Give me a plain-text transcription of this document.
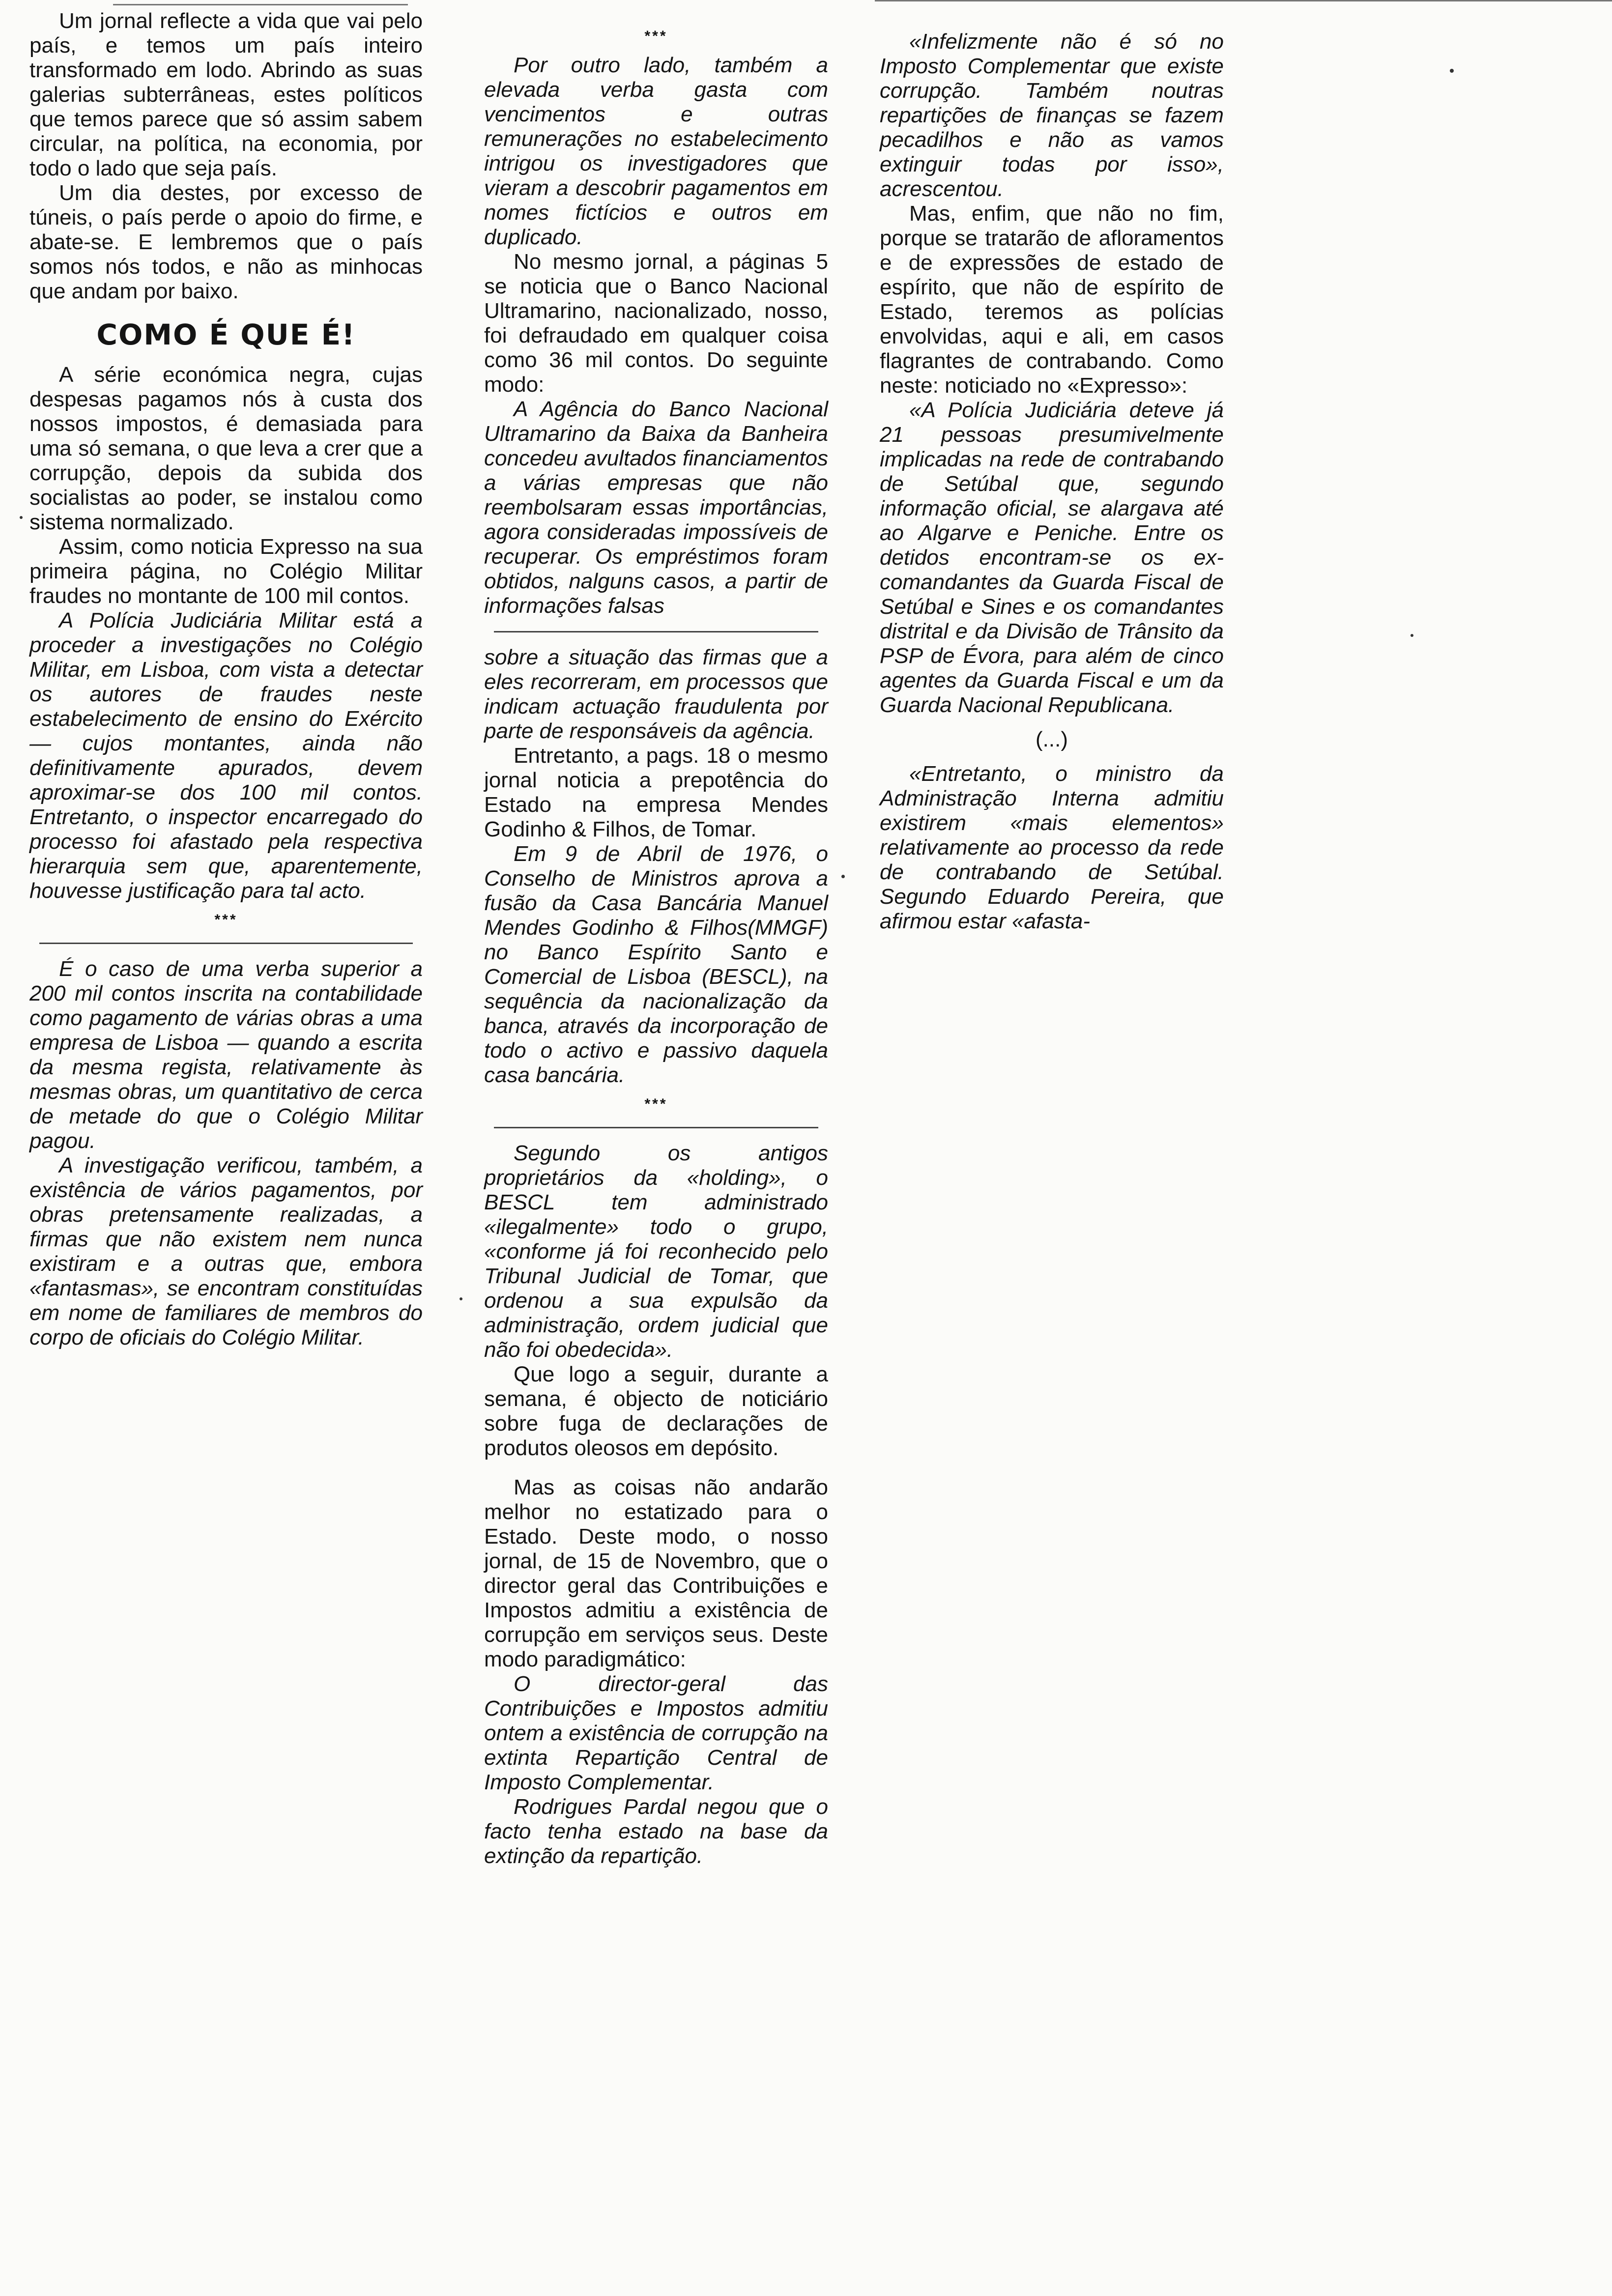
Um jornal reflecte a vida que vai pelo país, e temos um país inteiro transformado em lodo. Abrindo as suas galerias subterrâneas, estes políticos que temos parece que só assim sabem circular, na política, na economia, por todo o lado que seja país.

Um dia destes, por excesso de túneis, o país perde o apoio do firme, e abate-se. E lembremos que o país somos nós todos, e não as minhocas que andam por baixo.

COMO É QUE É!

A série económica negra, cujas despesas pagamos nós à custa dos nossos impostos, é demasiada para uma só semana, o que leva a crer que a corrupção, depois da subida dos socialistas ao poder, se instalou como sistema normalizado.

Assim, como noticia Expresso na sua primeira página, no Colégio Militar fraudes no montante de 100 mil contos.

A Polícia Judiciária Militar está a proceder a investigações no Colégio Militar, em Lisboa, com vista a detectar os autores de fraudes neste estabelecimento de ensino do Exército — cujos montantes, ainda não definitivamente apurados, devem aproximar-se dos 100 mil contos. Entretanto, o inspector encarregado do processo foi afastado pela respectiva hierarquia sem que, aparentemente, houvesse justificação para tal acto.

***

É o caso de uma verba superior a 200 mil contos inscrita na contabilidade como pagamento de várias obras a uma empresa de Lisboa — quando a escrita da mesma regista, relativamente às mesmas obras, um quantitativo de cerca de metade do que o Colégio Militar pagou.

A investigação verificou, também, a existência de vários pagamentos, por obras pretensamente realizadas, a firmas que não existem nem nunca existiram e a outras que, embora «fantasmas», se encontram constituídas em nome de familiares de membros do corpo de oficiais do Colégio Militar.

***

Por outro lado, também a elevada verba gasta com vencimentos e outras remunerações no estabelecimento intrigou os investigadores que vieram a descobrir pagamentos em nomes fictícios e outros em duplicado.

No mesmo jornal, a páginas 5 se noticia que o Banco Nacional Ultramarino, nacionalizado, nosso, foi defraudado em qualquer coisa como 36 mil contos. Do seguinte modo:

A Agência do Banco Nacional Ultramarino da Baixa da Banheira concedeu avultados financiamentos a várias empresas que não reembolsaram essas importâncias, agora consideradas impossíveis de recuperar. Os empréstimos foram obtidos, nalguns casos, a partir de informações falsas

sobre a situação das firmas que a eles recorreram, em processos que indicam actuação fraudulenta por parte de responsáveis da agência.

Entretanto, a pags. 18 o mesmo jornal noticia a prepotência do Estado na empresa Mendes Godinho & Filhos, de Tomar.

Em 9 de Abril de 1976, o Conselho de Ministros aprova a fusão da Casa Bancária Manuel Mendes Godinho & Filhos(MMGF) no Banco Espírito Santo e Comercial de Lisboa (BESCL), na sequência da nacionalização da banca, através da incorporação de todo o activo e passivo daquela casa bancária.

***

Segundo os antigos proprietários da «holding», o BESCL tem administrado «ilegalmente» todo o grupo, «conforme já foi reconhecido pelo Tribunal Judicial de Tomar, que ordenou a sua expulsão da administração, ordem judicial que não foi obedecida».

Que logo a seguir, durante a semana, é objecto de noticiário sobre fuga de declarações de produtos oleosos em depósito.

Mas as coisas não andarão melhor no estatizado para o Estado. Deste modo, o nosso jornal, de 15 de Novembro, que o director geral das Contribuições e Impostos admitiu a existência de corrupção em serviços seus. Deste modo paradigmático:

O director-geral das Contribuições e Impostos admitiu ontem a existência de corrupção na extinta Repartição Central de Imposto Complementar.

Rodrigues Pardal negou que o facto tenha estado na base da extinção da repartição.

«Infelizmente não é só no Imposto Complementar que existe corrupção. Também noutras repartições de finanças se fazem pecadilhos e não as vamos extinguir todas por isso», acrescentou.

Mas, enfim, que não no fim, porque se tratarão de afloramentos e de expressões de estado de espírito, que não de espírito de Estado, teremos as polícias envolvidas, aqui e ali, em casos flagrantes de contrabando. Como neste: noticiado no «Expresso»:

«A Polícia Judiciária deteve já 21 pessoas presumivelmente implicadas na rede de contrabando de Setúbal que, segundo informação oficial, se alargava até ao Algarve e Peniche. Entre os detidos encontram-se os ex-comandantes da Guarda Fiscal de Setúbal e Sines e os comandantes distrital e da Divisão de Trânsito da PSP de Évora, para além de cinco agentes da Guarda Fiscal e um da Guarda Nacional Republicana.

(...)

«Entretanto, o ministro da Administração Interna admitiu existirem «mais elementos» relativamente ao processo da rede de contrabando de Setúbal. Segundo Eduardo Pereira, que afirmou estar «afasta-
